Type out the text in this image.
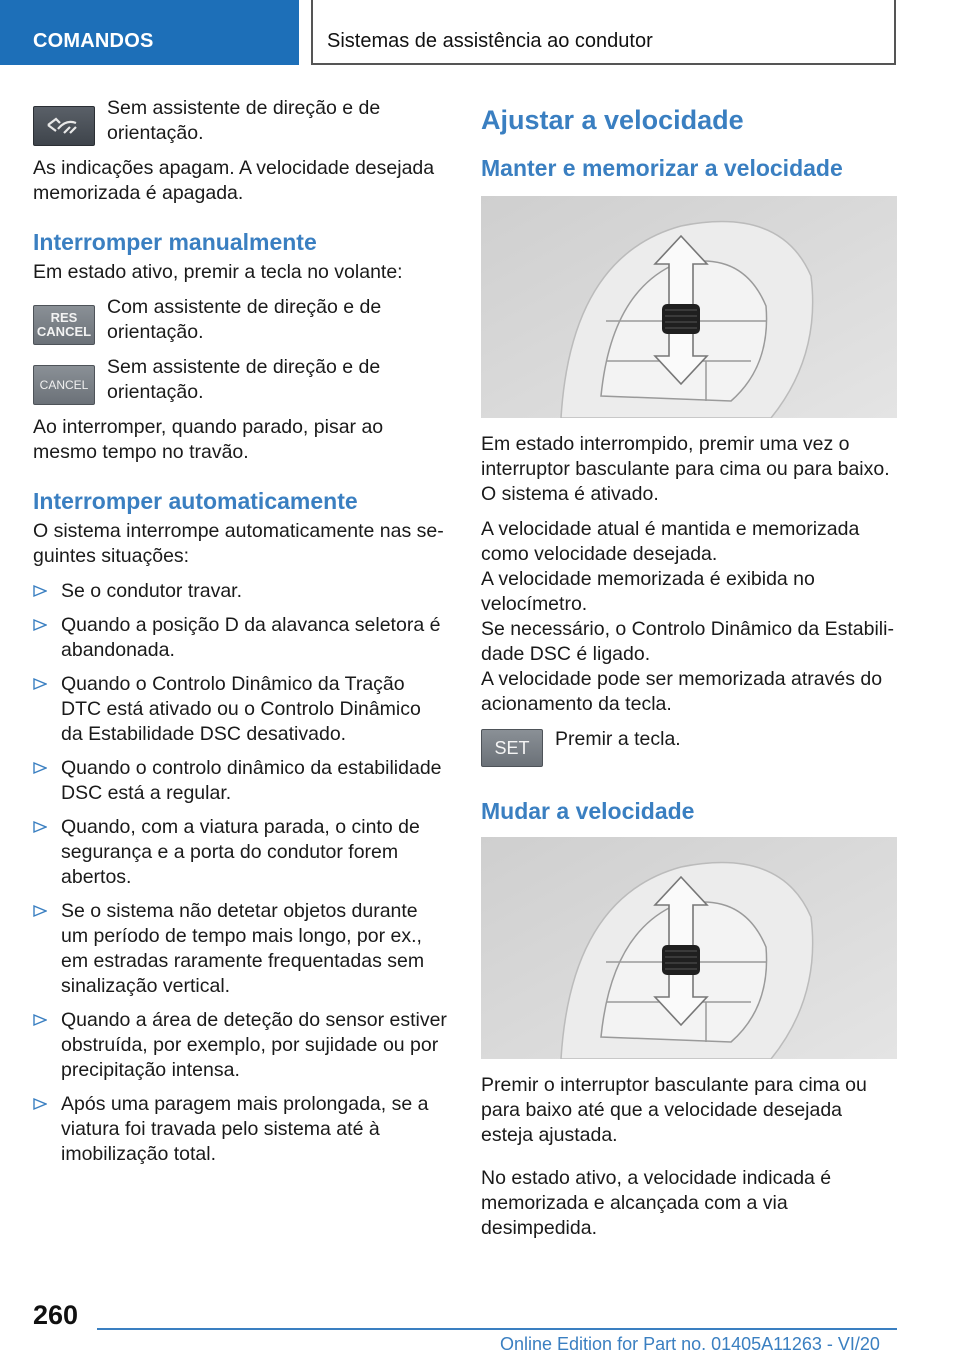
COMANDOS	Sistemas de assistência ao condutor
Sem assistente de direção e de orientação.

As indicações apagam. A velocidade desejada memorizada é apagada.

Interromper manualmente

Em estado ativo, premir a tecla no volante:

RES
CANCEL
Com assistente de direção e de orientação.
CANCEL
Sem assistente de direção e de orientação.

Ao interromper, quando parado, pisar ao mesmo tempo no travão.

Interromper automaticamente

O sistema interrompe automaticamente nas seguintes situações:

Se o condutor travar.
Quando a posição D da alavanca seletora é abandonada.
Quando o Controlo Dinâmico da Tração DTC está ativado ou o Controlo Dinâmico da Estabilidade DSC desativado.
Quando o controlo dinâmico da estabilidade DSC está a regular.
Quando, com a viatura parada, o cinto de segurança e a porta do condutor forem abertos.
Se o sistema não detetar objetos durante um período de tempo mais longo, por ex., em estradas raramente frequentadas sem sinalização vertical.
Quando a área de deteção do sensor estiver obstruída, por exemplo, por sujidade ou por precipitação intensa.
Após uma paragem mais prolongada, se a viatura foi travada pelo sistema até à imobilização total.
Ajustar a velocidade
Manter e memorizar a velocidade

Em estado interrompido, premir uma vez o interruptor basculante para cima ou para baixo. O sistema é ativado.

A velocidade atual é mantida e memorizada como velocidade desejada.

A velocidade memorizada é exibida no velocímetro.

Se necessário, o Controlo Dinâmico da Estabilidade DSC é ligado.

A velocidade pode ser memorizada através do acionamento da tecla.

SET Premir a tecla.
Mudar a velocidade

Premir o interruptor basculante para cima ou para baixo até que a velocidade desejada esteja ajustada.

No estado ativo, a velocidade indicada é memorizada e alcançada com a via desimpedida.

260
Online Edition for Part no. 01405A11263 - VI/20
